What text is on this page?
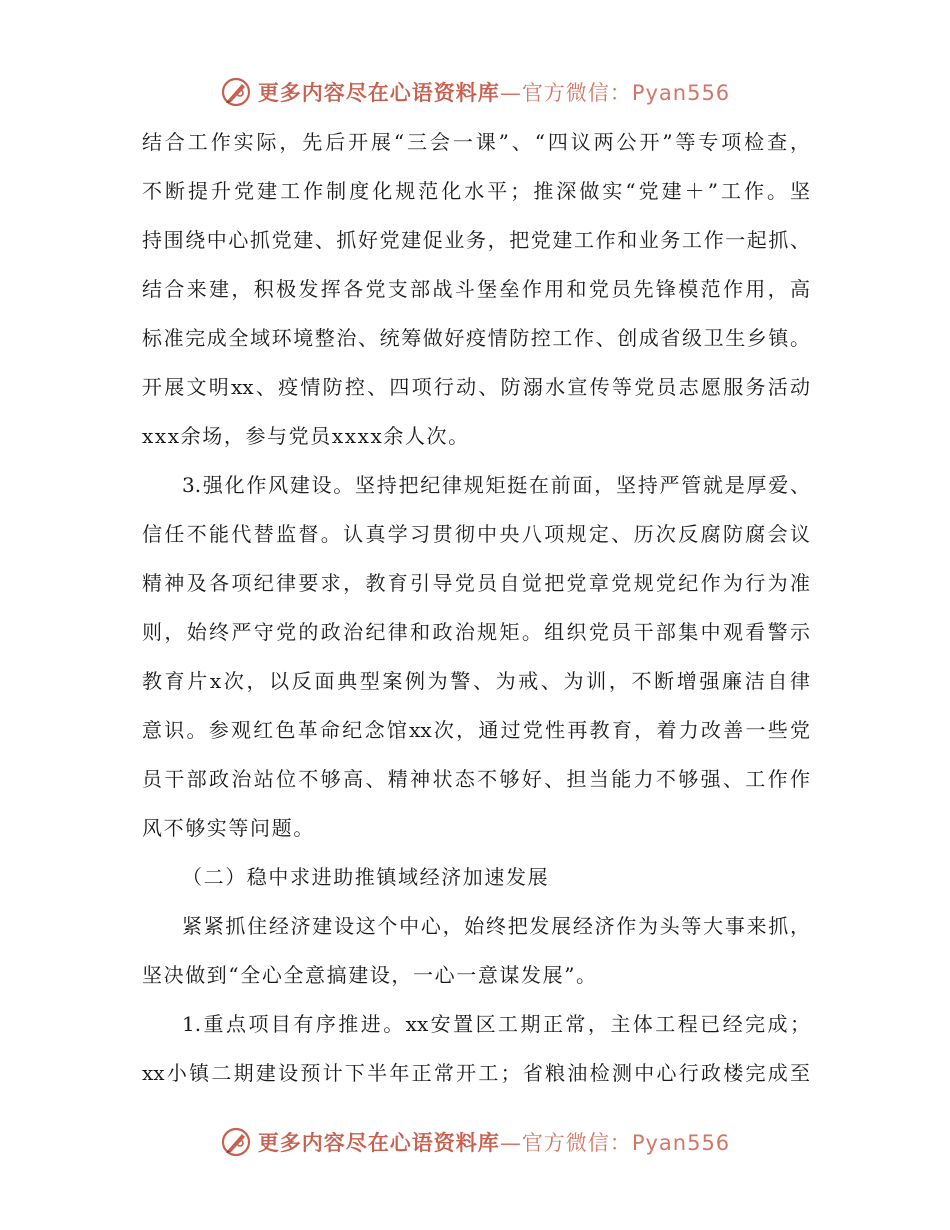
更多内容尽在心语资料库—官方微信：Pyan556
结合工作实际，先后开展“三会一课”、“四议两公开”等专项检查，
不断提升党建工作制度化规范化水平；推深做实“党建＋”工作。坚
持围绕中心抓党建、抓好党建促业务，把党建工作和业务工作一起抓、
结合来建，积极发挥各党支部战斗堡垒作用和党员先锋模范作用，高
标准完成全域环境整治、统筹做好疫情防控工作、创成省级卫生乡镇。
开展文明xx、疫情防控、四项行动、防溺水宣传等党员志愿服务活动
xxx余场，参与党员xxxx余人次。
3.强化作风建设。坚持把纪律规矩挺在前面，坚持严管就是厚爱、
信任不能代替监督。认真学习贯彻中央八项规定、历次反腐防腐会议
精神及各项纪律要求，教育引导党员自觉把党章党规党纪作为行为准
则，始终严守党的政治纪律和政治规矩。组织党员干部集中观看警示
教育片x次，以反面典型案例为警、为戒、为训，不断增强廉洁自律
意识。参观红色革命纪念馆xx次，通过党性再教育，着力改善一些党
员干部政治站位不够高、精神状态不够好、担当能力不够强、工作作
风不够实等问题。
（二）稳中求进助推镇域经济加速发展
紧紧抓住经济建设这个中心，始终把发展经济作为头等大事来抓，
坚决做到“全心全意搞建设，一心一意谋发展”。
1.重点项目有序推进。xx安置区工期正常，主体工程已经完成；
xx小镇二期建设预计下半年正常开工；省粮油检测中心行政楼完成至
更多内容尽在心语资料库—官方微信：Pyan556
